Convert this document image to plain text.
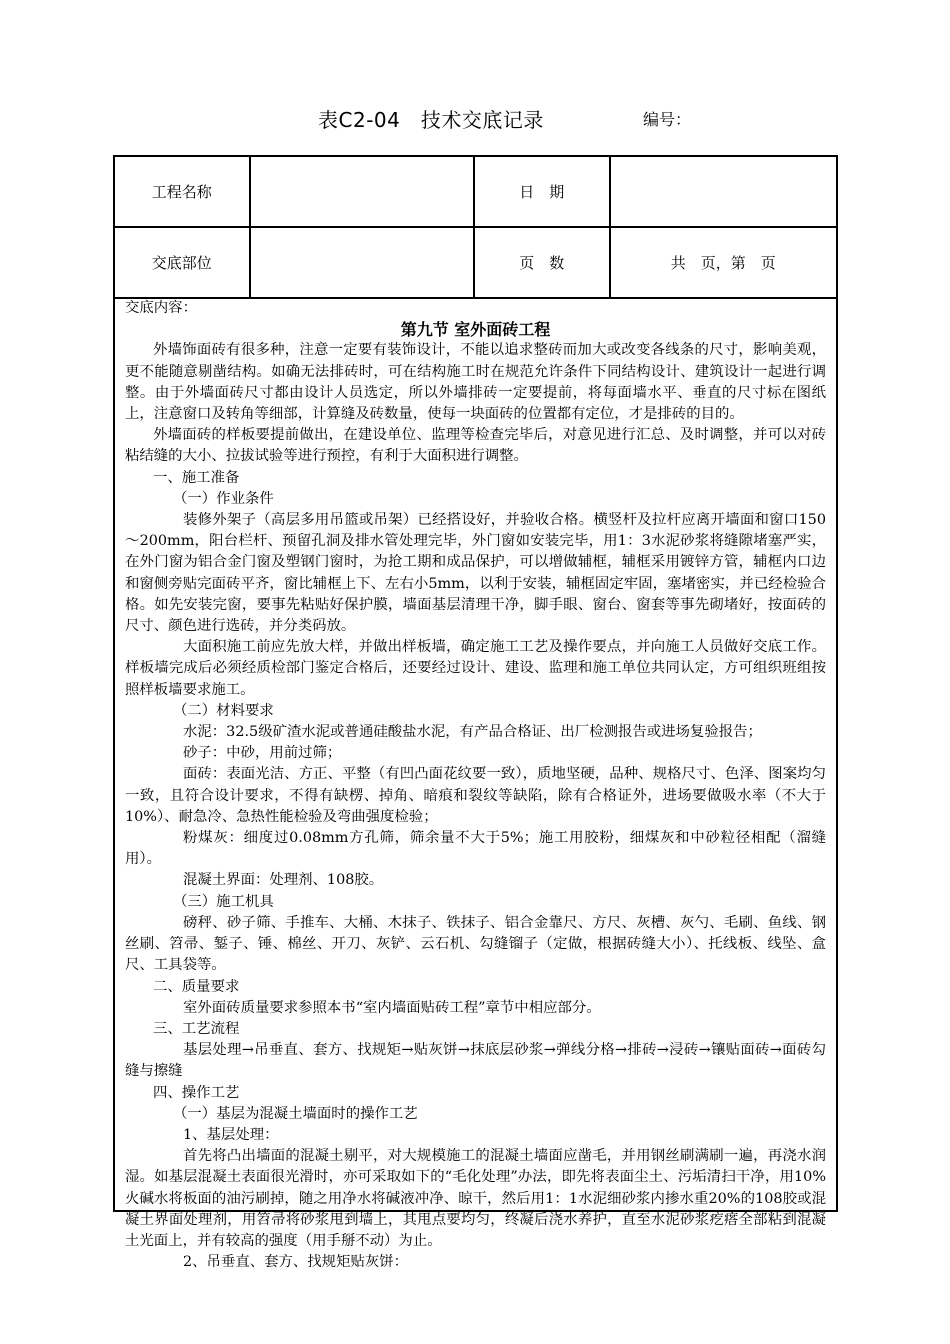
表C2-04　技术交底记录	编号：
工程名称		日　期	
交底部位		页　数	共　页，第　页

交底内容：

第九节 室外面砖工程

外墙饰面砖有很多种，注意一定要有装饰设计，不能以追求整砖而加大或改变各线条的尺寸，影响美观，更不能随意剔凿结构。如确无法排砖时，可在结构施工时在规范允许条件下同结构设计、建筑设计一起进行调整。由于外墙面砖尺寸都由设计人员选定，所以外墙排砖一定要提前，将每面墙水平、垂直的尺寸标在图纸上，注意窗口及转角等细部，计算缝及砖数量，使每一块面砖的位置都有定位，才是排砖的目的。

外墙面砖的样板要提前做出，在建设单位、监理等检查完毕后，对意见进行汇总、及时调整，并可以对砖粘结缝的大小、拉拔试验等进行预控，有利于大面积进行调整。

一、施工准备

（一）作业条件

装修外架子（高层多用吊篮或吊架）已经搭设好，并验收合格。横竖杆及拉杆应离开墙面和窗口150～200mm，阳台栏杆、预留孔洞及排水管处理完毕，外门窗如安装完毕，用1：3水泥砂浆将缝隙堵塞严实，在外门窗为铝合金门窗及塑钢门窗时，为抢工期和成品保护，可以增做辅框，辅框采用镀锌方管，辅框内口边和窗侧旁贴完面砖平齐，窗比辅框上下、左右小5mm，以利于安装，辅框固定牢固，塞堵密实，并已经检验合格。如先安装完窗，要事先粘贴好保护膜，墙面基层清理干净，脚手眼、窗台、窗套等事先砌堵好，按面砖的尺寸、颜色进行选砖，并分类码放。

大面积施工前应先放大样，并做出样板墙，确定施工工艺及操作要点，并向施工人员做好交底工作。样板墙完成后必须经质检部门鉴定合格后，还要经过设计、建设、监理和施工单位共同认定，方可组织班组按照样板墙要求施工。

（二）材料要求

水泥：32.5级矿渣水泥或普通硅酸盐水泥，有产品合格证、出厂检测报告或进场复验报告；

砂子：中砂，用前过筛；

面砖：表面光洁、方正、平整（有凹凸面花纹要一致），质地坚硬，品种、规格尺寸、色泽、图案均匀一致，且符合设计要求，不得有缺楞、掉角、暗痕和裂纹等缺陷，除有合格证外，进场要做吸水率（不大于10%）、耐急冷、急热性能检验及弯曲强度检验；

粉煤灰：细度过0.08mm方孔筛，筛余量不大于5%；施工用胶粉，细煤灰和中砂粒径相配（溜缝用）。

混凝土界面：处理剂、108胶。

（三）施工机具

磅秤、砂子筛、手推车、大桶、木抹子、铁抹子、铝合金靠尺、方尺、灰槽、灰勺、毛刷、鱼线、钢丝刷、笤帚、錾子、锤、棉丝、开刀、灰铲、云石机、勾缝镏子（定做，根据砖缝大小）、托线板、线坠、盒尺、工具袋等。

二、质量要求

室外面砖质量要求参照本书“室内墙面贴砖工程”章节中相应部分。

三、工艺流程

基层处理→吊垂直、套方、找规矩→贴灰饼→抹底层砂浆→弹线分格→排砖→浸砖→镶贴面砖→面砖勾缝与擦缝

四、操作工艺

（一）基层为混凝土墙面时的操作工艺

1、基层处理：

首先将凸出墙面的混凝土剔平，对大规模施工的混凝土墙面应凿毛，并用钢丝刷满刷一遍，再浇水润湿。如基层混凝土表面很光滑时，亦可采取如下的“毛化处理”办法，即先将表面尘土、污垢清扫干净，用10%火碱水将板面的油污刷掉，随之用净水将碱液冲净、晾干，然后用1：1水泥细砂浆内掺水重20%的108胶或混凝土界面处理剂，用笤帚将砂浆甩到墙上，其甩点要均匀，终凝后浇水养护，直至水泥砂浆疙瘩全部粘到混凝土光面上，并有较高的强度（用手掰不动）为止。

2、吊垂直、套方、找规矩贴灰饼：
